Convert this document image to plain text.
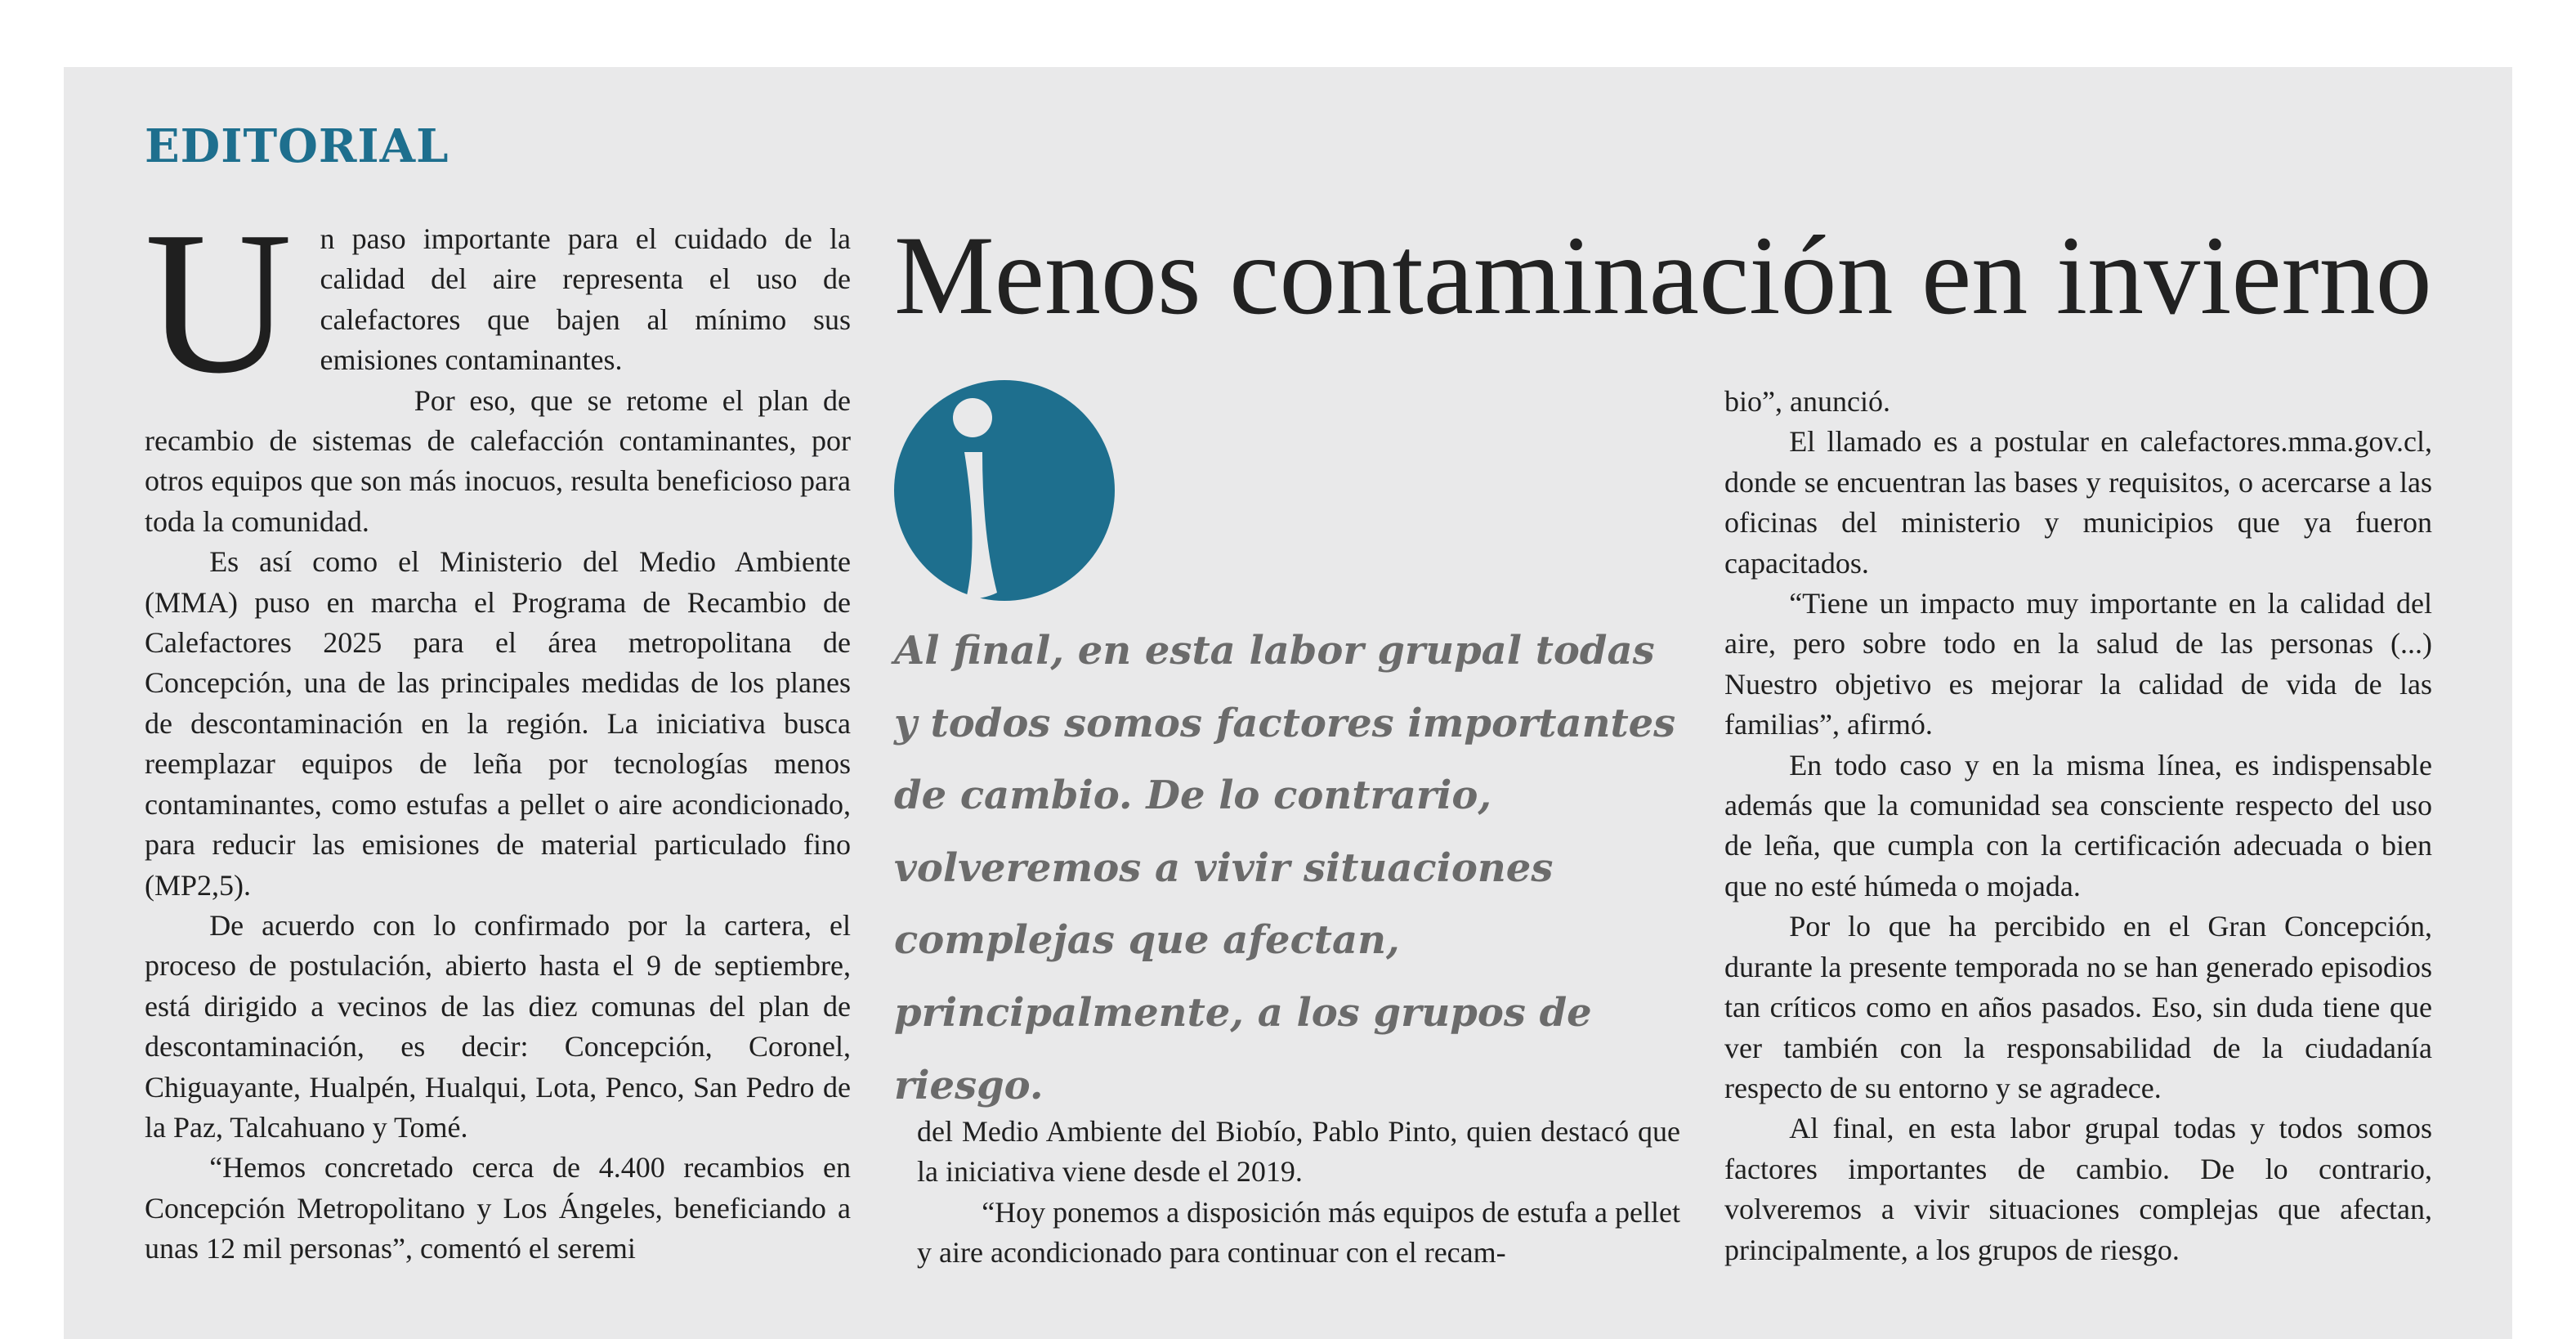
EDITORIAL
Menos contaminación en invierno
U n paso importante para el cuidado de la calidad del aire representa el uso de calefactores que bajen al mínimo sus emisiones contaminantes.

Por eso, que se retome el plan de recambio de sistemas de calefacción contaminantes, por otros equipos que son más inocuos, resulta beneficioso para toda la comunidad.

Es así como el Ministerio del Medio Ambiente (MMA) puso en marcha el Programa de Recambio de Calefactores 2025 para el área metropolitana de Concepción, una de las principales medidas de los planes de descontaminación en la región. La iniciativa busca reemplazar equipos de leña por tecnologías menos contaminantes, como estufas a pellet o aire acondicionado, para reducir las emisiones de material particulado fino (MP2,5).

De acuerdo con lo confirmado por la cartera, el proceso de postulación, abierto hasta el 9 de septiembre, está dirigido a vecinos de las diez comunas del plan de descontaminación, es decir: Concepción, Coronel, Chiguayante, Hualpén, Hualqui, Lota, Penco, San Pedro de la Paz, Talcahuano y Tomé.

“Hemos concretado cerca de 4.400 recambios en Concepción Metropolitano y Los Ángeles, beneficiando a unas 12 mil personas”, comentó el seremi

Al final, en esta labor grupal todas y todos somos factores importantes de cambio. De lo contrario, volveremos a vivir situaciones complejas que afectan, principalmente, a los grupos de riesgo.

del Medio Ambiente del Biobío, Pablo Pinto, quien destacó que la iniciativa viene desde el 2019.

“Hoy ponemos a disposición más equipos de estufa a pellet y aire acondicionado para continuar con el recam-

bio”, anunció.

El llamado es a postular en calefactores.mma.gov.cl, donde se encuentran las bases y requisitos, o acercarse a las oficinas del ministerio y municipios que ya fueron capacitados.

“Tiene un impacto muy importante en la calidad del aire, pero sobre todo en la salud de las personas (...) Nuestro objetivo es mejorar la calidad de vida de las familias”, afirmó.

En todo caso y en la misma línea, es indispensable además que la comunidad sea consciente respecto del uso de leña, que cumpla con la certificación adecuada o bien que no esté húmeda o mojada.

Por lo que ha percibido en el Gran Concepción, durante la presente temporada no se han generado episodios tan críticos como en años pasados. Eso, sin duda tiene que ver también con la responsabilidad de la ciudadanía respecto de su entorno y se agradece.

Al final, en esta labor grupal todas y todos somos factores importantes de cambio. De lo contrario, volveremos a vivir situaciones complejas que afectan, principalmente, a los grupos de riesgo.
